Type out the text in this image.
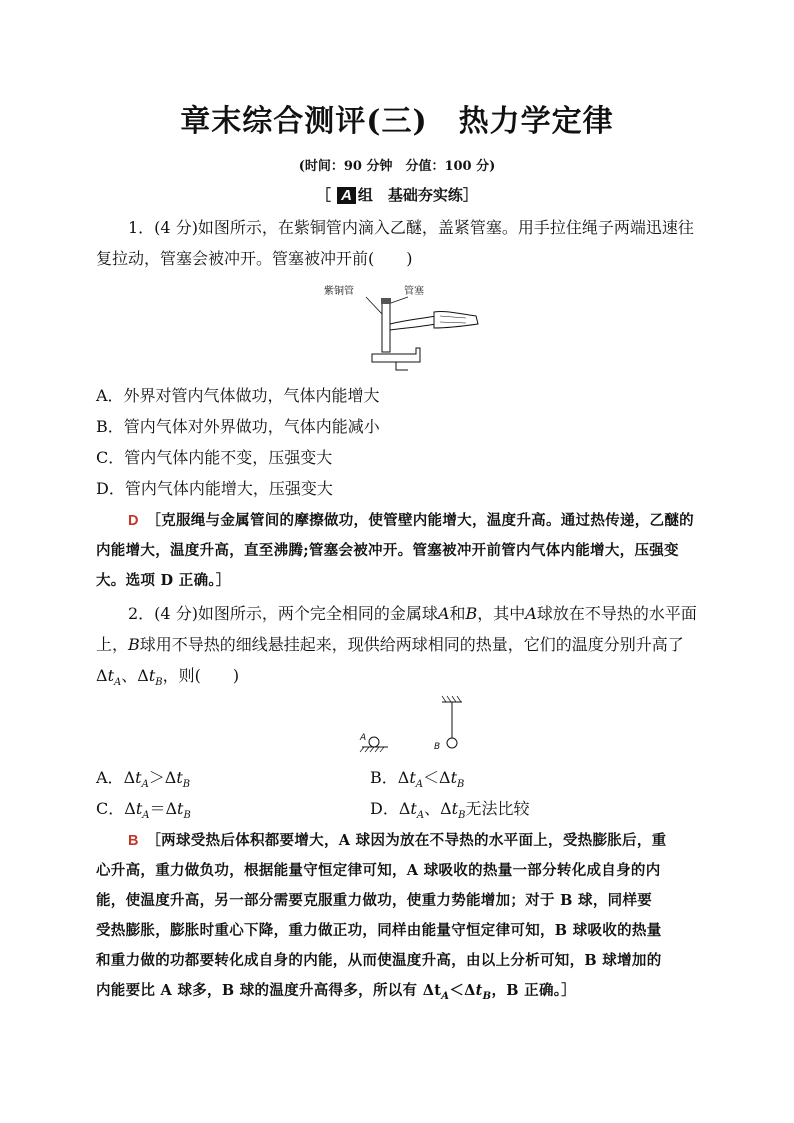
章末综合测评(三)　热力学定律
(时间：90 分钟　分值：100 分)
［ A 组　基础夯实练］
1．(4 分)如图所示，在紫铜管内滴入乙醚，盖紧管塞。用手拉住绳子两端迅速往复拉动，管塞会被冲开。管塞被冲开前(　　)
紫铜管	管塞
A．外界对管内气体做功，气体内能增大
B．管内气体对外界做功，气体内能减小
C．管内气体内能不变，压强变大
D．管内气体内能增大，压强变大
D　 ［克服绳与金属管间的摩擦做功，使管壁内能增大，温度升高。通过热传递，乙醚的内能增大，温度升高，直至沸腾;管塞会被冲开。管塞被冲开前管内气体内能增大，压强变大。选项 D 正确。］
2．(4 分)如图所示，两个完全相同的金属球A和B，其中A球放在不导热的水平面上，B球用不导热的细线悬挂起来，现供给两球相同的热量，它们的温度分别升高了
$\Delta t_A$、$\Delta t_B$，则(　　)
B
A
A．$\Delta t_A>\Delta t_B$	B．$\Delta t_A<\Delta t_B$
C．$\Delta t_A=\Delta t_B$	D．$\Delta t_A$、$\Delta t_B$无法比较
B　 ［两球受热后体积都要增大，A 球因为放在不导热的水平面上，受热膨胀后，重
心升高，重力做负功，根据能量守恒定律可知，A 球吸收的热量一部分转化成自身的内
能，使温度升高，另一部分需要克服重力做功，使重力势能增加；对于 B 球，同样要
受热膨胀，膨胀时重心下降，重力做正功，同样由能量守恒定律可知，B 球吸收的热量
和重力做的功都要转化成自身的内能，从而使温度升高，由以上分析可知，B 球增加的
内能要比 A 球多，B 球的温度升高得多，所以有 $\Delta t_A<\Delta t_B$，B 正确。］
